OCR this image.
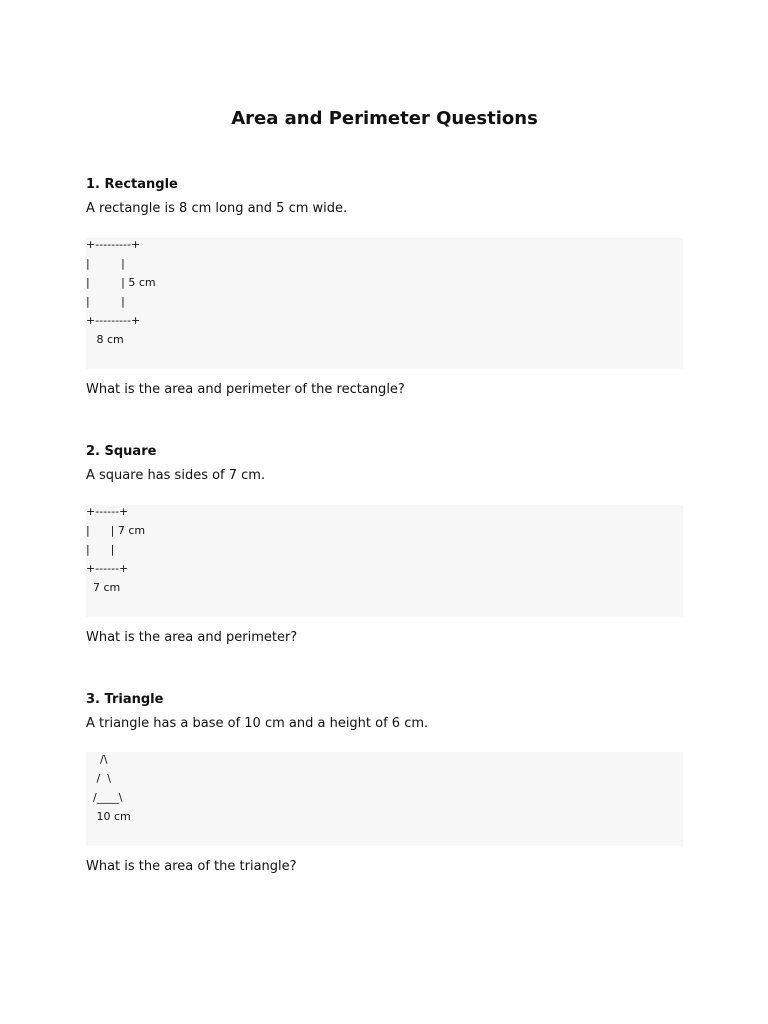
Area and Perimeter Questions

1. Rectangle

A rectangle is 8 cm long and 5 cm wide.

+---------+
|         |
|         | 5 cm
|         |
+---------+
8 cm

What is the area and perimeter of the rectangle?

2. Square

A square has sides of 7 cm.

+------+
|      | 7 cm
|      |
+------+
7 cm

What is the area and perimeter?

3. Triangle

A triangle has a base of 10 cm and a height of 6 cm.

/\
/  \
/____\
10 cm

What is the area of the triangle?
